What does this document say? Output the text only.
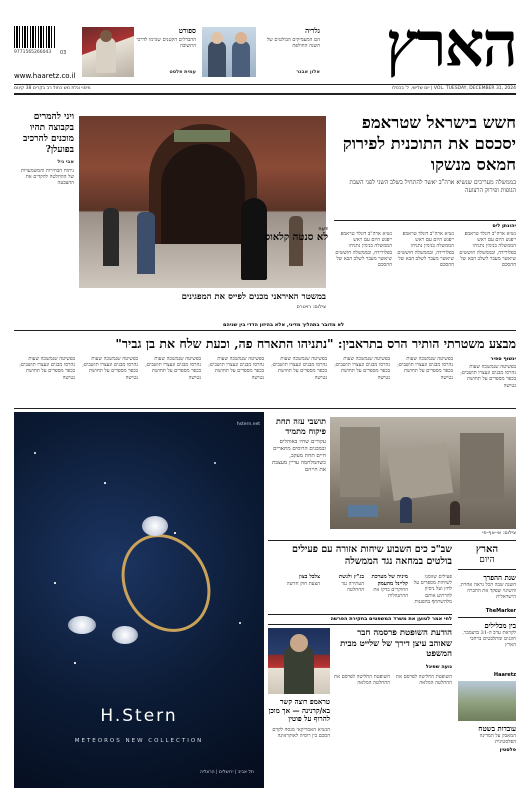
9771565266043	03
www.haaretz.co.il
ספורט
ההבדלים הקטנים שגרמו לדרבי התשובה
עמית פלסט
גלריה
הם המעמיקים הבולטים של השנה החולפת
אלון אבנר	הארץ
מיסוי וגלת מש כחול רב בקרים 38 קינום	VOL. TUESDAY, DECEMBER 31, 2024 | יום שלישי, ל' בכסלו
חשש בישראל שטראמפ יסכסם את התוכנית לפירוק חמאס מנשקו
בממשלה מעריכים שנשיא ארה"ב יאשר להתחיל בשלב השני לפני השבת הגופות ופירוק הרצועה
יהונתן ליס
נשיא ארה"ב דונלד טראמפ ייפגש היום עם ראש הממשלה בנימין נתניהו בפלורידה, ובממשלה חוששים שיאשר מעבר לשלב הבא של ההסכם
נשיא ארה"ב דונלד טראמפ ייפגש היום עם ראש הממשלה בנימין נתניהו בפלורידה, ובממשלה חוששים שיאשר מעבר לשלב הבא של ההסכם
נשיא ארה"ב דונלד טראמפ ייפגש היום עם ראש הממשלה בנימין נתניהו בפלורידה, ובממשלה חוששים שיאשר מעבר לשלב הבא של ההסכם
במשטר האיראני מכנים לפייס את המפגינים
צילום: רויטרס
דעה
לא סנטה קלאוס
ויני להמרים בקבוצה תהיו מוכנים להרכיב בפועלן?
אבי גיל
ניתוח הבחירות והמשמעויות של ההחלטה להקדים את ההצבעה
לא מדובר בתהליך מדיני, אלא בהיזון הדדי בין שניהם
מבצע משטרתי הותיר הרס בתראבין: "נתניהו התארח פה, וכעת שלח את בן גביר"
ינשוף ספיר
בפשיטה שנמשכה שעות נהרסו מבנים ונעצרו תושבים; בכפר מספרים על תחושת נטישה
בפשיטה שנמשכה שעות נהרסו מבנים ונעצרו תושבים; בכפר מספרים על תחושת נטישה
בפשיטה שנמשכה שעות נהרסו מבנים ונעצרו תושבים; בכפר מספרים על תחושת נטישה
בפשיטה שנמשכה שעות נהרסו מבנים ונעצרו תושבים; בכפר מספרים על תחושת נטישה
בפשיטה שנמשכה שעות נהרסו מבנים ונעצרו תושבים; בכפר מספרים על תחושת נטישה
בפשיטה שנמשכה שעות נהרסו מבנים ונעצרו תושבים; בכפר מספרים על תחושת נטישה
בפשיטה שנמשכה שעות נהרסו מבנים ונעצרו תושבים; בכפר מספרים על תחושת נטישה
בפשיטה שנמשכה שעות נהרסו מבנים ונעצרו תושבים; בכפר מספרים על תחושת נטישה
H.Stern
METEOROS NEW COLLECTION
hstern.net
תל אביב | ירושלים | הרצליה
צילום: אי-אף-פי
תושבי עזה תחת פיקוח מתמיד
עקורים שחיו באוהלים ובמבנים הרוסים מתארים חיים תחת מעקב, כשהמלחמה עדיין מעצבת את חייהם
הארץ
היום
שנת ההפרך
השנה שבה הכל נראה אחרת, והשינוי שפקד את החברה הישראלית
TheMarker
בין מכלילים
לקראת ערב ה-31 בדצמבר, חוגגים ומתלבטים ברחבי הארץ
Haaretz
עובדות בשטח
המאבק על המדינה הפלסטינית
פלסטין
שב"כ כים השבוע שיחות אזורה עם פעילים בולטים במחאה נגד הממשלה
פעילים שזומנו לשיחות מספרים על לחץ ועל ניסיון להרתיע אותם מלהשתתף בהפגנות
מיניה של מערכת קליינל מהעמק
החוקרים בדקו את ההתנהלות
בג"ץ ולגשת
העתירה נגד ההחלטה
צלבל בצון
הצעת חוק חדשה
לחי אמר לטוען את משרד המשפטים בחקירת הפרשה
הודעת השופטת פרסמה חבר שאוהב עיצן דירך של שלייט מבית המשפט
נועה שפיגל
השופטת החליטה לפרסם את ההחלטה המלאה
השופטת החליטה לפרסם את ההחלטה המלאה
טראמפ רוצה קשר בא/קרנינה — אך מוכן להרוף על פוטין
הנשיא האמריקאי מנסה לקדם הסכם בין רוסיה לאוקראינה
